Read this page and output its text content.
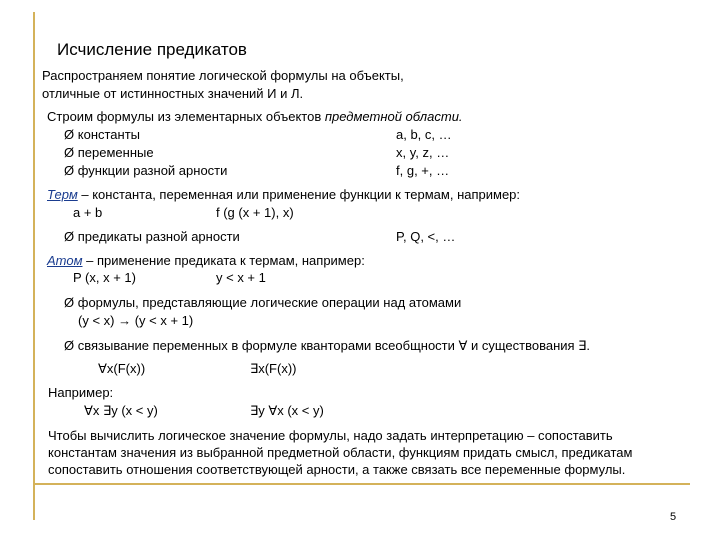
Исчисление предикатов
Распространяем понятие логической формулы на объекты,
отличные от истинностных значений И и Л.
Строим формулы из элементарных объектов предметной области.
Ø константы	a, b, c, …
Ø переменные	x, y, z, …
Ø функции разной арности	f, g, +, …
Терм – константа, переменная или применение функции к термам, например:
a + b	f (g (x + 1), x)
Ø предикаты разной арности	P, Q, <, …
Атом – применение предиката к термам, например:
P (x, x + 1)	y < x + 1
Ø формулы, представляющие логические операции над атомами
(y < x) → (y < x + 1)
Ø связывание переменных в формуле кванторами всеобщности ∀ и существования ∃.
∀x(F(x))	∃x(F(x))
Например:
∀x ∃y (x < y)	∃y ∀x (x < y)
Чтобы вычислить логическое значение формулы, надо задать интерпретацию – сопоставить
константам значения из выбранной предметной области, функциям придать смысл, предикатам
сопоставить отношения соответствующей арности, а также связать все переменные формулы.
5
